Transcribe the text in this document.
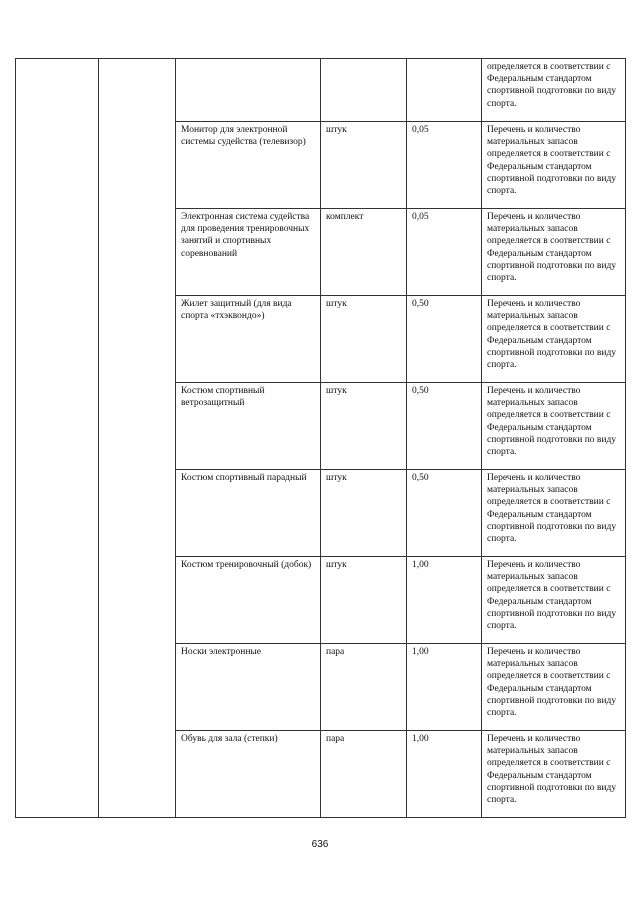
					определяется в соответствии с Федеральным стандартом спортивной подготовки по виду спорта.
		Монитор для электронной системы судейства (телевизор)	штук	0,05	Перечень и количество материальных запасов определяется в соответствии с Федеральным стандартом спортивной подготовки по виду спорта.
		Электронная система судейства для проведения тренировочных занятий и спортивных соревнований	комплект	0,05	Перечень и количество материальных запасов определяется в соответствии с Федеральным стандартом спортивной подготовки по виду спорта.
		Жилет защитный (для вида спорта «тхэквондо»)	штук	0,50	Перечень и количество материальных запасов определяется в соответствии с Федеральным стандартом спортивной подготовки по виду спорта.
		Костюм спортивный ветрозащитный	штук	0,50	Перечень и количество материальных запасов определяется в соответствии с Федеральным стандартом спортивной подготовки по виду спорта.
		Костюм спортивный парадный	штук	0,50	Перечень и количество материальных запасов определяется в соответствии с Федеральным стандартом спортивной подготовки по виду спорта.
		Костюм тренировочный (добок)	штук	1,00	Перечень и количество материальных запасов определяется в соответствии с Федеральным стандартом спортивной подготовки по виду спорта.
		Носки электронные	пара	1,00	Перечень и количество материальных запасов определяется в соответствии с Федеральным стандартом спортивной подготовки по виду спорта.
		Обувь для зала (степки)	пара	1,00	Перечень и количество материальных запасов определяется в соответствии с Федеральным стандартом спортивной подготовки по виду спорта.
636
